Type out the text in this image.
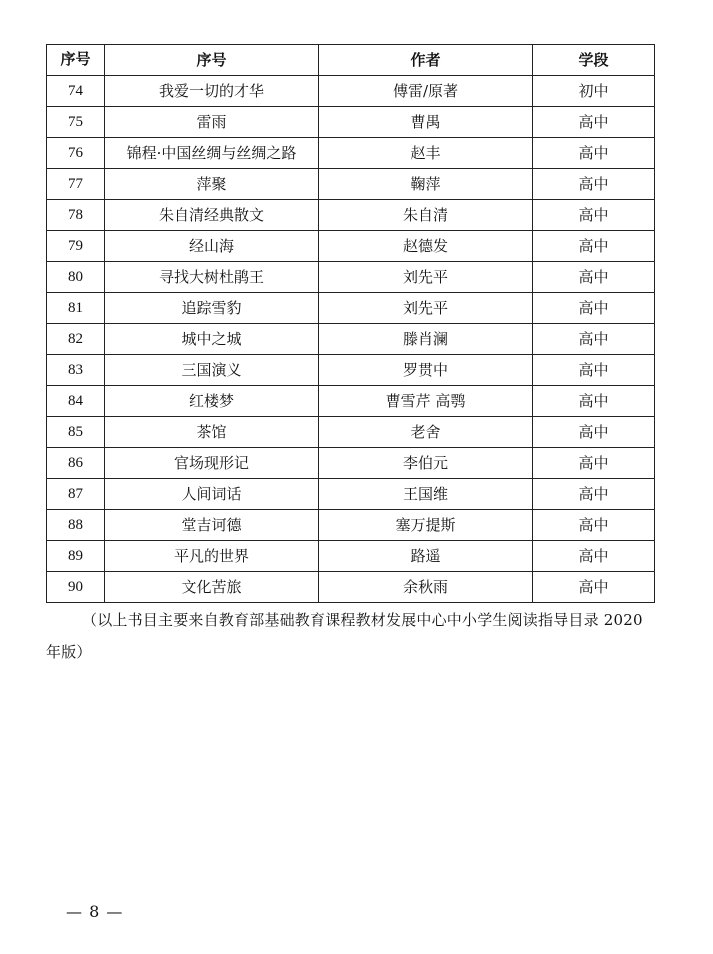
序号	序号	作者	学段
74	我爱一切的才华	傅雷/原著	初中
75	雷雨	曹禺	高中
76	锦程·中国丝绸与丝绸之路	赵丰	高中
77	萍聚	鞠萍	高中
78	朱自清经典散文	朱自清	高中
79	经山海	赵德发	高中
80	寻找大树杜鹃王	刘先平	高中
81	追踪雪豹	刘先平	高中
82	城中之城	滕肖澜	高中
83	三国演义	罗贯中	高中
84	红楼梦	曹雪芹 高鹗	高中
85	茶馆	老舍	高中
86	官场现形记	李伯元	高中
87	人间词话	王国维	高中
88	堂吉诃德	塞万提斯	高中
89	平凡的世界	路遥	高中
90	文化苦旅	余秋雨	高中

（以上书目主要来自教育部基础教育课程教材发展中心中小学生阅读指导目录 2020 年版）

— 8 —
